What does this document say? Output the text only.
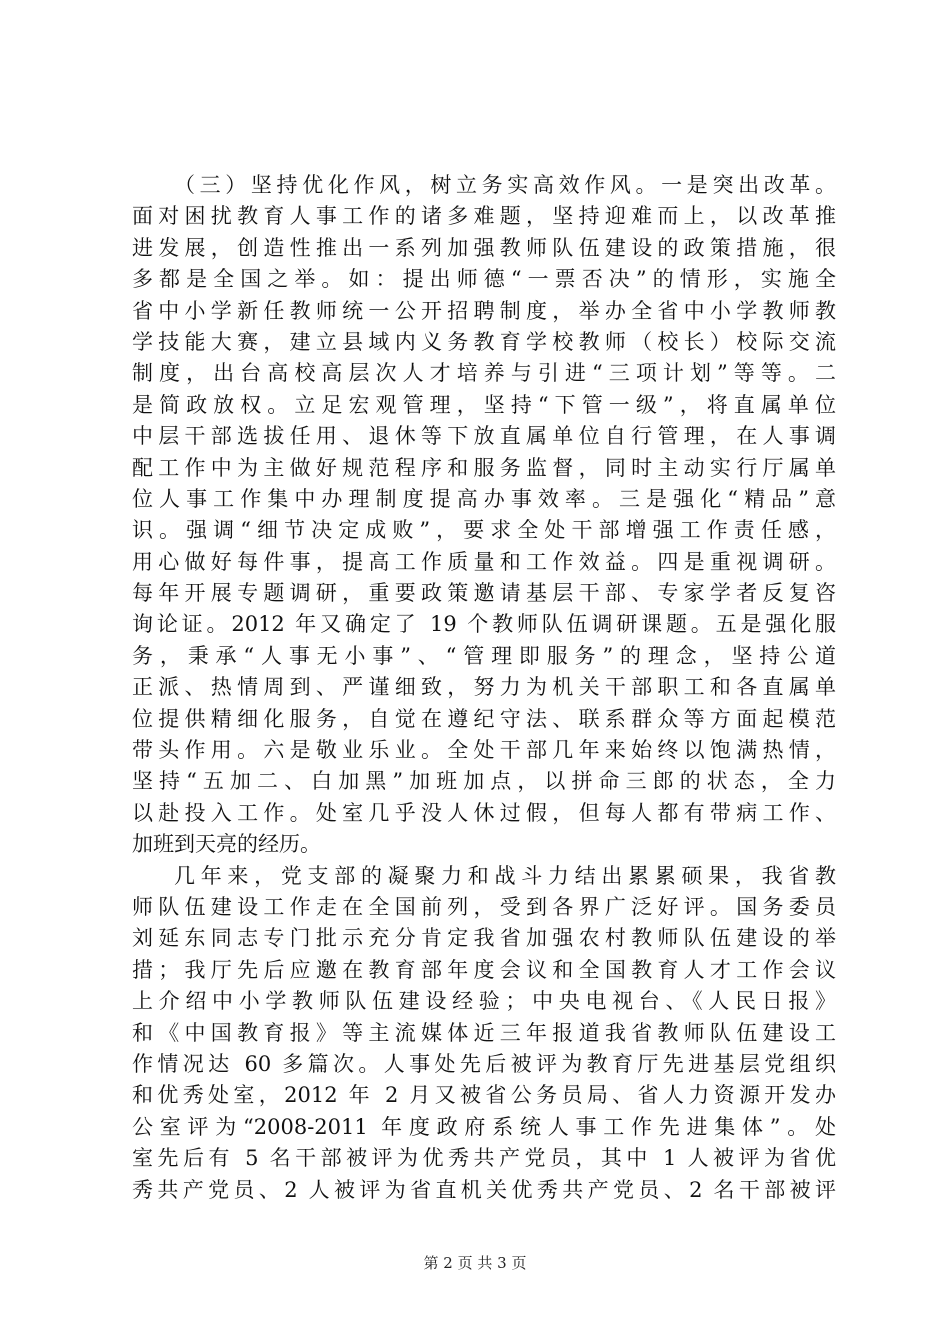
（三）坚持优化作风，树立务实高效作风。一是突出改革。
面对困扰教育人事工作的诸多难题，坚持迎难而上，以改革推
进发展，创造性推出一系列加强教师队伍建设的政策措施，很
多都是全国之举。如：提出师德“一票否决”的情形，实施全
省中小学新任教师统一公开招聘制度，举办全省中小学教师教
学技能大赛，建立县域内义务教育学校教师（校长）校际交流
制度，出台高校高层次人才培养与引进“三项计划”等等。二
是简政放权。立足宏观管理，坚持“下管一级”，将直属单位
中层干部选拔任用、退休等下放直属单位自行管理，在人事调
配工作中为主做好规范程序和服务监督，同时主动实行厅属单
位人事工作集中办理制度提高办事效率。三是强化“精品”意
识。强调“细节决定成败”，要求全处干部增强工作责任感，
用心做好每件事，提高工作质量和工作效益。四是重视调研。
每年开展专题调研，重要政策邀请基层干部、专家学者反复咨
询论证。2012 年又确定了 19 个教师队伍调研课题。五是强化服
务，秉承“人事无小事”、“管理即服务”的理念，坚持公道
正派、热情周到、严谨细致，努力为机关干部职工和各直属单
位提供精细化服务，自觉在遵纪守法、联系群众等方面起模范
带头作用。六是敬业乐业。全处干部几年来始终以饱满热情，
坚持“五加二、白加黑”加班加点，以拼命三郎的状态，全力
以赴投入工作。处室几乎没人休过假，但每人都有带病工作、
加班到天亮的经历。
几年来，党支部的凝聚力和战斗力结出累累硕果，我省教
师队伍建设工作走在全国前列，受到各界广泛好评。国务委员
刘延东同志专门批示充分肯定我省加强农村教师队伍建设的举
措；我厅先后应邀在教育部年度会议和全国教育人才工作会议
上介绍中小学教师队伍建设经验；中央电视台、《人民日报》
和《中国教育报》等主流媒体近三年报道我省教师队伍建设工
作情况达 60 多篇次。人事处先后被评为教育厅先进基层党组织
和优秀处室，2012 年 2 月又被省公务员局、省人力资源开发办
公室评为“2008-2011 年度政府系统人事工作先进集体”。处
室先后有 5 名干部被评为优秀共产党员，其中 1 人被评为省优
秀共产党员、2 人被评为省直机关优秀共产党员、2 名干部被评
第 2 页 共 3 页
